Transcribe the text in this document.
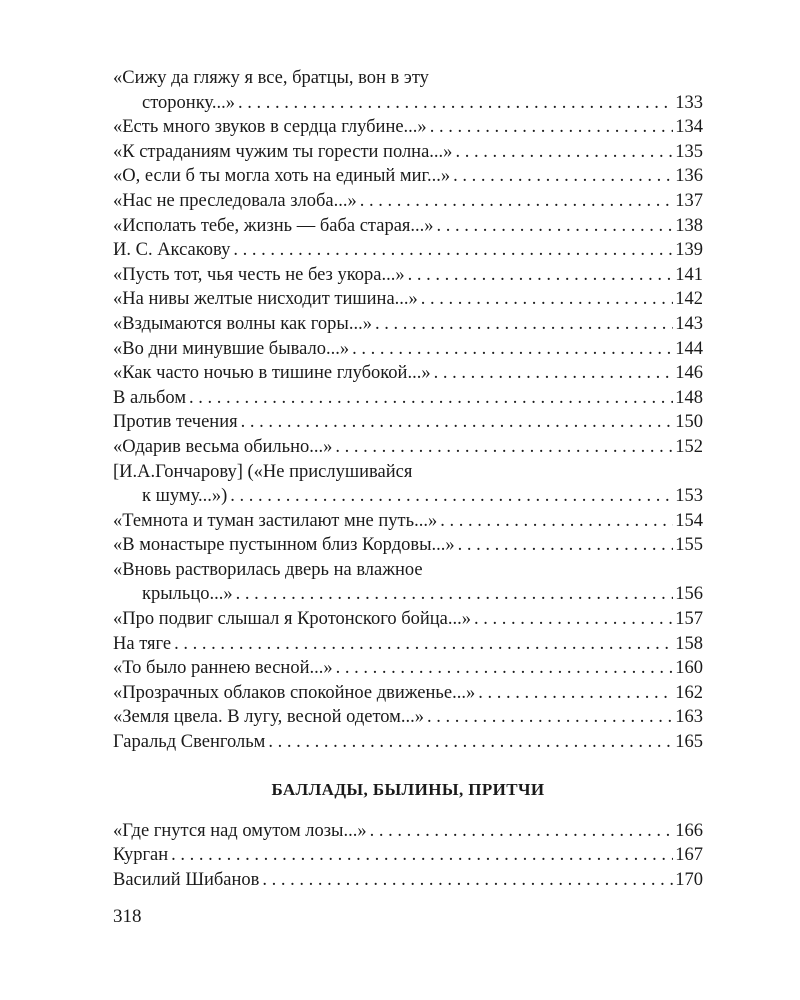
«Сижу да гляжу я все, братцы, вон в эту
сторонку...» . . .	133
«Есть много звуков в сердца глубине...» . . .	134
«К страданиям чужим ты горести полна...» . . .	135
«О, если б ты могла хоть на единый миг...» . . .	136
«Нас не преследовала злоба...» . . .	137
«Исполать тебе, жизнь — баба старая...» . . .	138
И. С. Аксакову . . .	139
«Пусть тот, чья честь не без укора...» . . .	141
«На нивы желтые нисходит тишина...» . . .	142
«Вздымаются волны как горы...» . . .	143
«Во дни минувшие бывало...» . . .	144
«Как часто ночью в тишине глубокой...» . . .	146
В альбом . . .	148
Против течения . . .	150
«Одарив весьма обильно...» . . .	152
[И.А.Гончарову] («Не прислушивайся
к шуму...») . . .	153
«Темнота и туман застилают мне путь...» . . .	154
«В монастыре пустынном близ Кордовы...» . . .	155
«Вновь растворилась дверь на влажное
крыльцо...» . . .	156
«Про подвиг слышал я Кротонского бойца...» . . .	157
На тяге . . .	158
«То было раннею весной...» . . .	160
«Прозрачных облаков спокойное движенье...» . . .	162
«Земля цвела. В лугу, весной одетом...» . . .	163
Гаральд Свенгольм . . .	165
БАЛЛАДЫ, БЫЛИНЫ, ПРИТЧИ
«Где гнутся над омутом лозы...» . . .	166
Курган . . .	167
Василий Шибанов . . .	170
318
